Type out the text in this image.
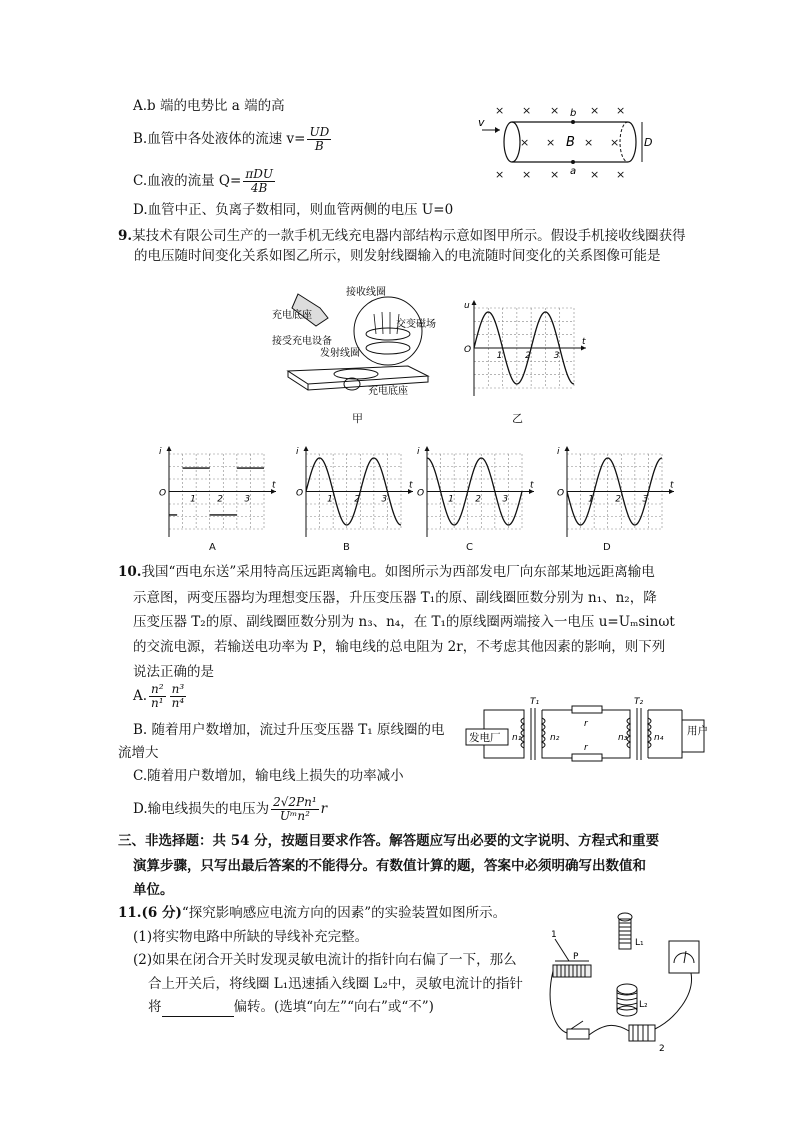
A.b 端的电势比 a 端的高
B.血管中各处液体的流速 $v= \frac{UD}{B}$
C.血液的流量 $Q= \frac{\text{πDU}}{4B}$
D.血管中正、负离子数相同，则血管两侧的电压 U=0
× × ×	× ×
× ×	× ×
× × ×	× ×
v
b
a
B	D
9.某技术有限公司生产的一款手机无线充电器内部结构示意如图甲所示。假设手机接收线圈获得的电压随时间变化关系如图乙所示，则发射线圈输入的电流随时间变化的关系图像可能是
接收线圈
充电底座
交变磁场
接受充电设备
发射线圈
充电底座
甲
u
t
O
1	2	3
乙
i
t
O
1 2 3
i
t
O
1 2 3
i
t
O
1 2 3
i
t
O
1 2 3
A	B	C	D
10.我国“西电东送”采用特高压远距离输电。如图所示为西部发电厂向东部某地远距离输电
示意图，两变压器均为理想变压器，升压变压器 T₁的原、副线圈匝数分别为 n₁、n₂，降
压变压器 T₂的原、副线圈匝数分别为 n₃、n₄，在 T₁的原线圈两端接入一电压 u=Uₘsinωt
的交流电源，若输送电功率为 P，输电线的总电阻为 2r，不考虑其他因素的影响，则下列
说法正确的是
A. $\frac{\text{n²}}{\text{n¹}} \frac{\text{n³}}{\text{n⁴}}$
B. 随着用户数增加，流过升压变压器 T₁ 原线圈的电
流增大
C.随着用户数增加，输电线上损失的功率减小
D.输电线损失的电压为 $\frac{\text{2√2Pn¹}}{\text{Uᵐn²}}$ r
发电厂
用户
T₁	T₂
n₁	n₂	n₃	n₄
r
r
三、非选择题：共 54 分，按题目要求作答。解答题应写出必要的文字说明、方程式和重要
演算步骤，只写出最后答案的不能得分。有数值计算的题，答案中必须明确写出数值和
单位。
11.(6 分)“探究影响感应电流方向的因素”的实验装置如图所示。
(1)将实物电路中所缺的导线补充完整。
(2)如果在闭合开关时发现灵敏电流计的指针向右偏了一下，那么
合上开关后，将线圈 L₁迅速插入线圈 L₂中，灵敏电流计的指针
将	偏转。(选填“向左”“向右”或“不”)
L₁
L₂
1
P
2
